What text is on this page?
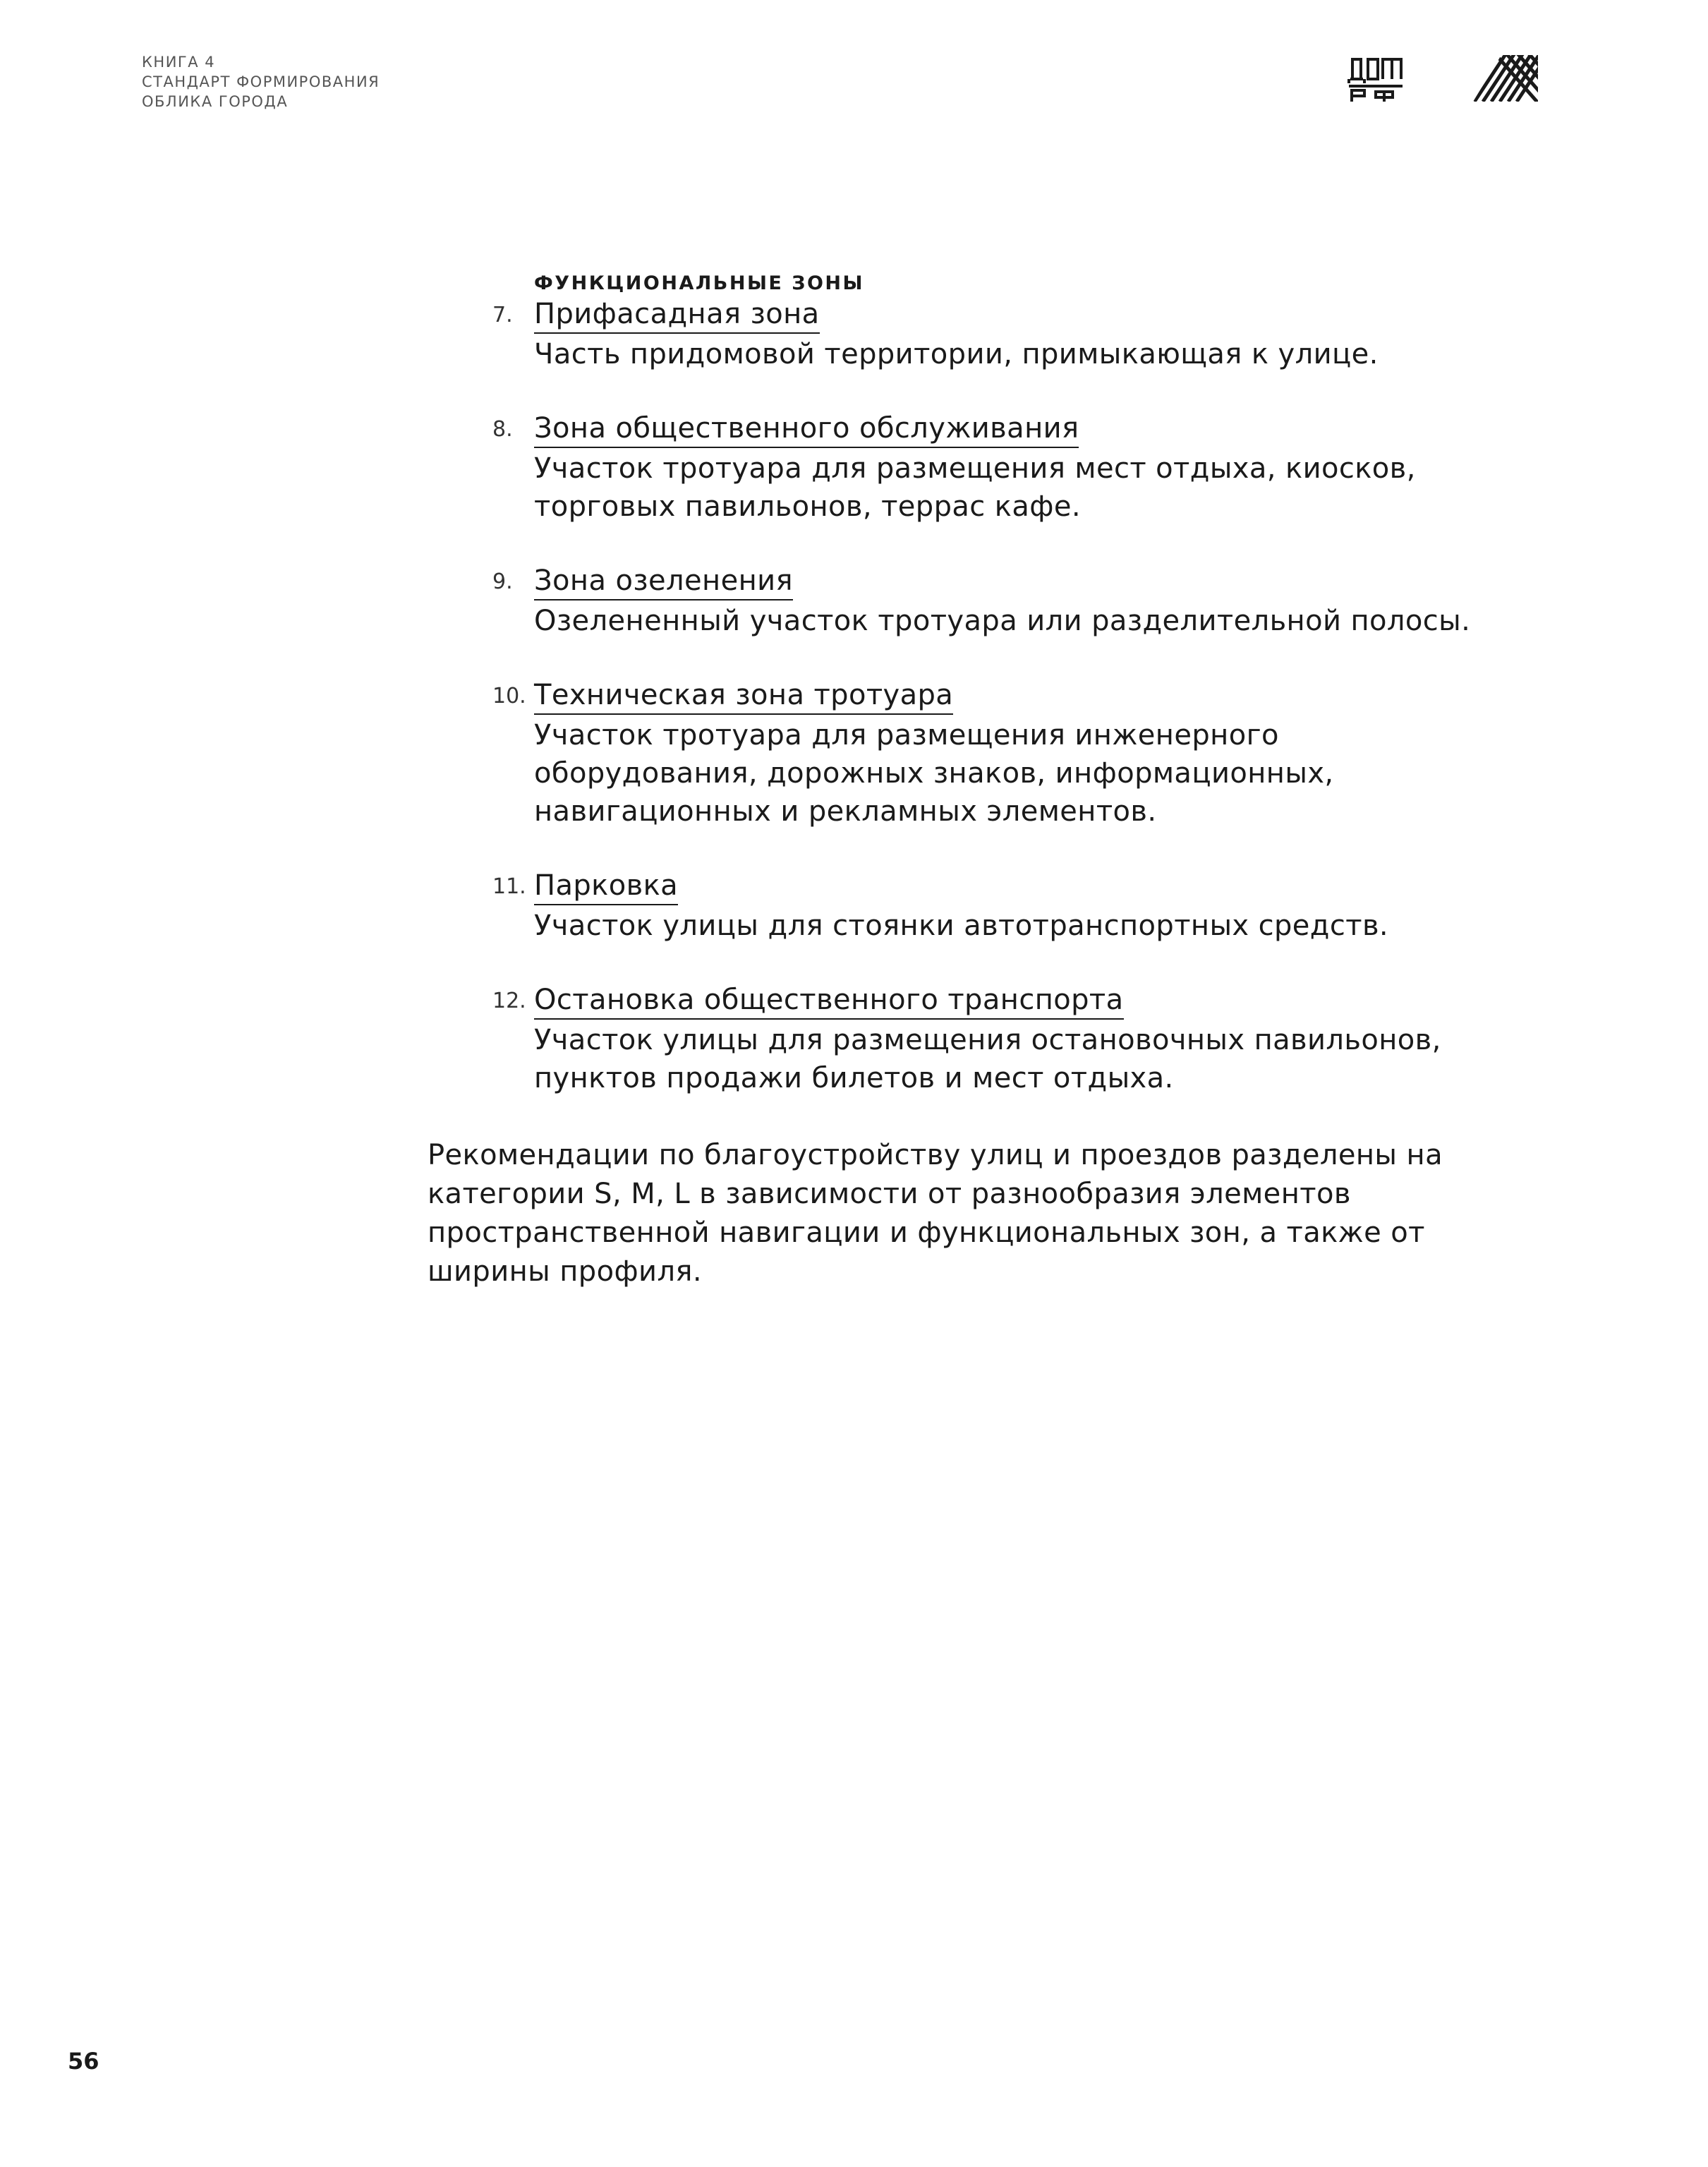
КНИГА 4
СТАНДАРТ ФОРМИРОВАНИЯ
ОБЛИКА ГОРОДА
ФУНКЦИОНАЛЬНЫЕ ЗОНЫ
7. Прифасадная зона
Часть придомовой территории, примыкающая к улице.
8. Зона общественного обслуживания
Участок тротуара для размещения мест отдыха, киосков, торговых павильонов, террас кафе.
9. Зона озеленения
Озелененный участок тротуара или разделительной полосы.
10. Техническая зона тротуара
Участок тротуара для размещения инженерного оборудования, дорожных знаков, информационных, навигационных и рекламных элементов.
11. Парковка
Участок улицы для стоянки автотранспортных средств.
12. Остановка общественного транспорта
Участок улицы для размещения остановочных павильонов, пунктов продажи билетов и мест отдыха.
Рекомендации по благоустройству улиц и проездов разделены на категории S, M, L в зависимости от разнообразия элементов пространственной навигации и функциональных зон, а также от ширины профиля.
56
